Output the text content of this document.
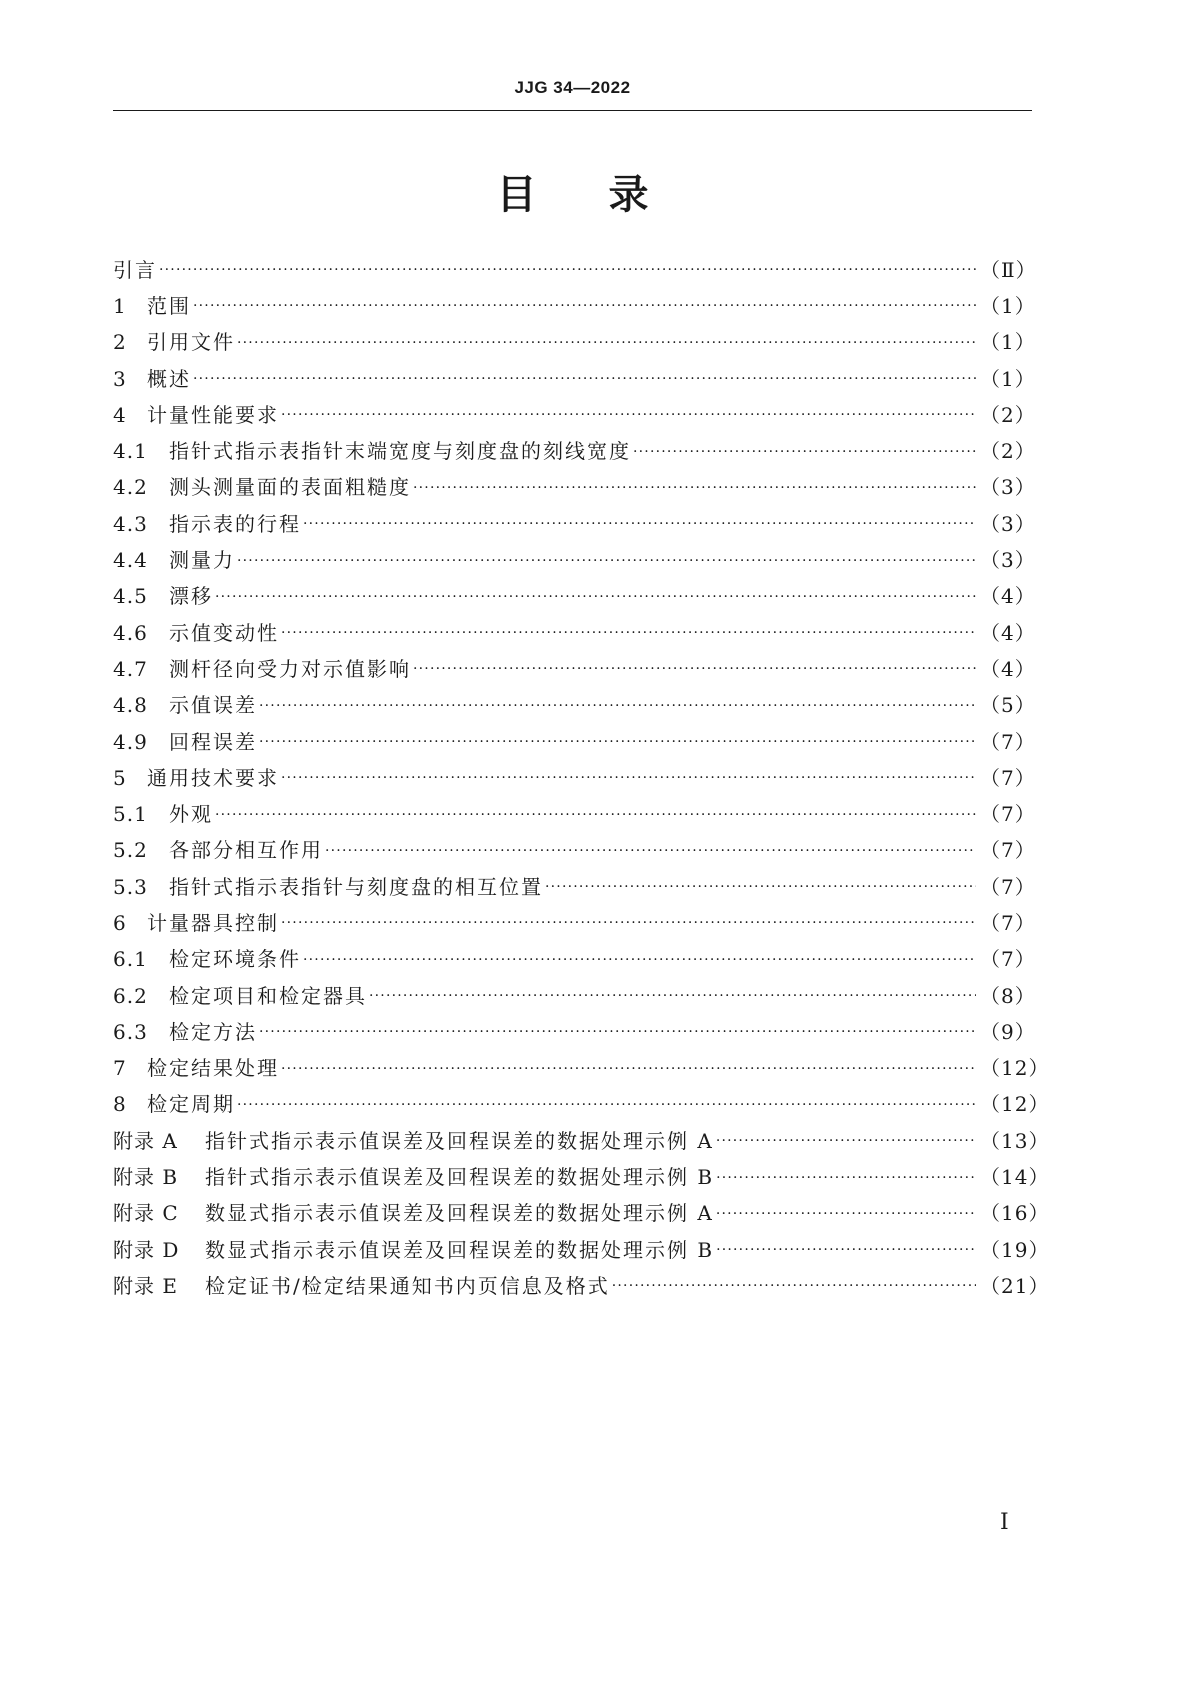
JJG 34—2022
目录
引言 ·····	（Ⅱ）
1 范围 ·····	（1）
2 引用文件 ·····	（1）
3 概述 ·····	（1）
4 计量性能要求 ·····	（2）
4.1 指针式指示表指针末端宽度与刻度盘的刻线宽度 ·····	（2）
4.2 测头测量面的表面粗糙度 ·····	（3）
4.3 指示表的行程 ·····	（3）
4.4 测量力 ·····	（3）
4.5 漂移 ·····	（4）
4.6 示值变动性 ·····	（4）
4.7 测杆径向受力对示值影响 ·····	（4）
4.8 示值误差 ·····	（5）
4.9 回程误差 ·····	（7）
5 通用技术要求 ·····	（7）
5.1 外观 ·····	（7）
5.2 各部分相互作用 ·····	（7）
5.3 指针式指示表指针与刻度盘的相互位置 ·····	（7）
6 计量器具控制 ·····	（7）
6.1 检定环境条件 ·····	（7）
6.2 检定项目和检定器具 ·····	（8）
6.3 检定方法 ·····	（9）
7 检定结果处理 ·····	（12）
8 检定周期 ·····	（12）
附录 A 指针式指示表示值误差及回程误差的数据处理示例 A ·····	（13）
附录 B 指针式指示表示值误差及回程误差的数据处理示例 B ·····	（14）
附录 C 数显式指示表示值误差及回程误差的数据处理示例 A ·····	（16）
附录 D 数显式指示表示值误差及回程误差的数据处理示例 B ·····	（19）
附录 E 检定证书/检定结果通知书内页信息及格式 ·····	（21）
I
